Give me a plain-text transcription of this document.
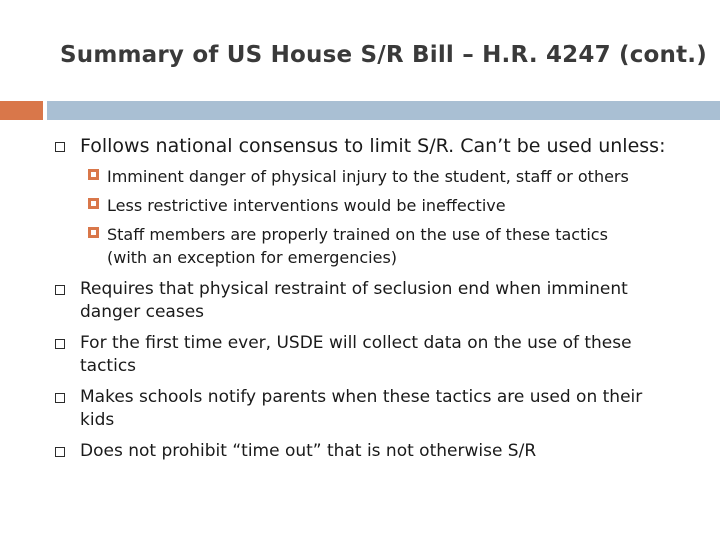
Summary of US House S/R Bill – H.R. 4247 (cont.)
Follows national consensus to limit S/R. Can’t be used unless:
Imminent danger of physical injury to the student, staff or others
Less restrictive interventions would be ineffective
Staff members are properly trained on the use of these tactics
(with an exception for emergencies)
Requires that physical restraint of seclusion end when imminent
danger ceases
For the first time ever, USDE will collect data on the use of these
tactics
Makes schools notify parents when these tactics are used on their
kids
Does not prohibit “time out” that is not otherwise S/R
